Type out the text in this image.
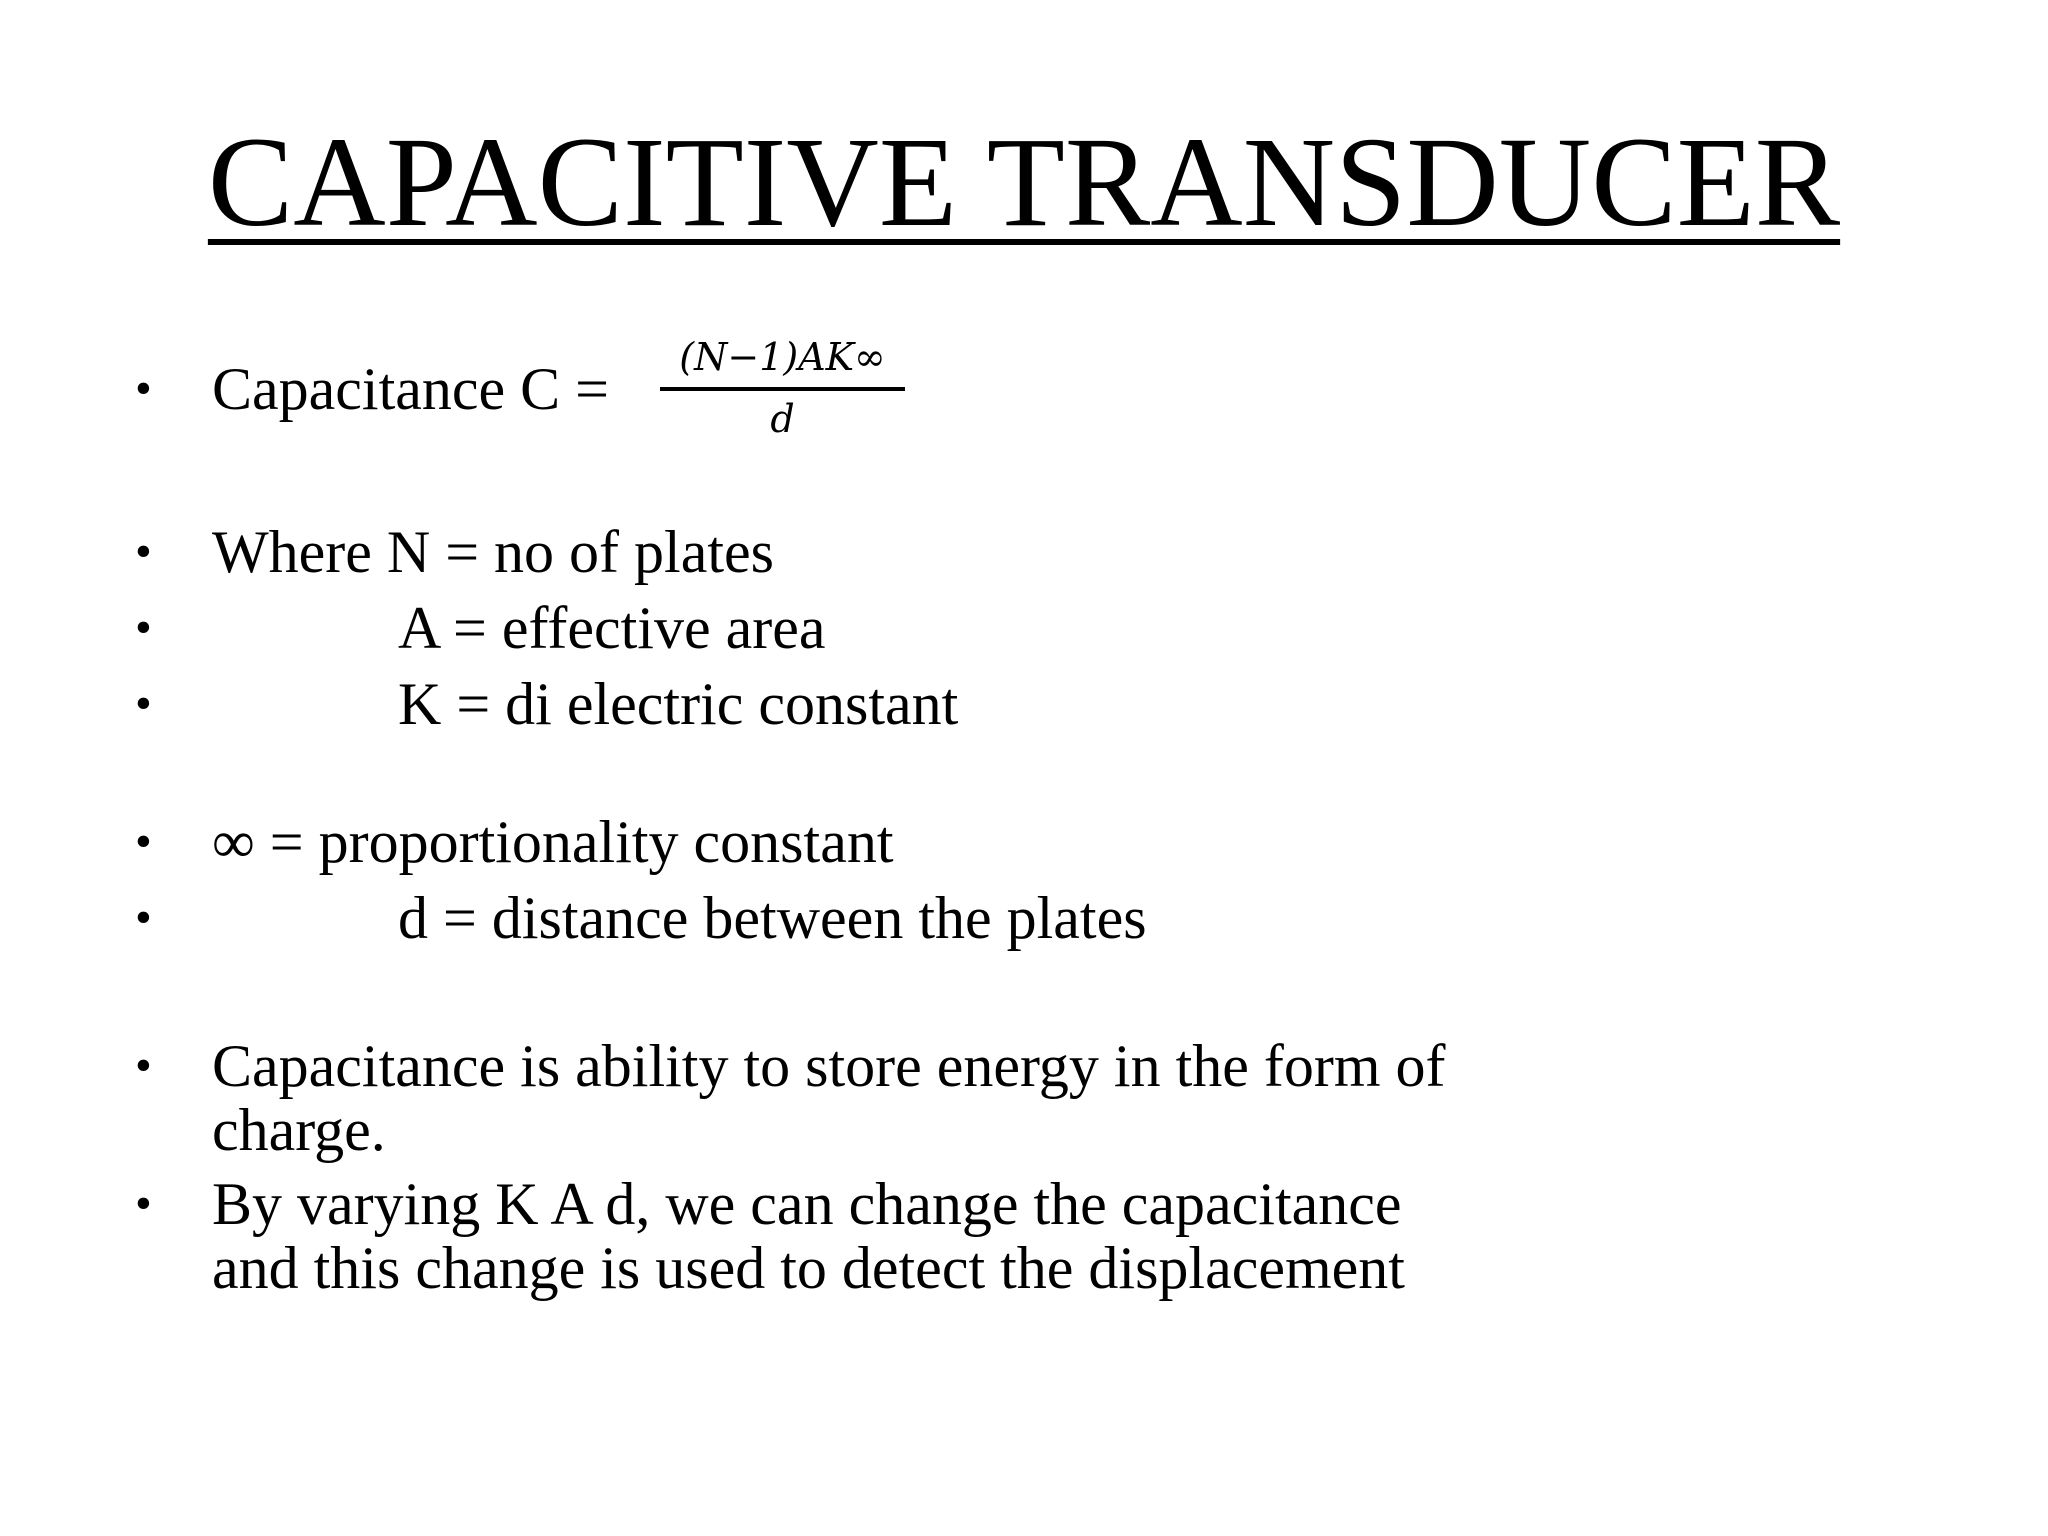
CAPACITIVE TRANSDUCER
• Capacitance C =	(N−1)AK∞
d
• Where N = no of plates
•	A = effective area
•	K = di electric constant
• ∞ = proportionality constant
•	d = distance between the plates
• Capacitance is ability to store energy in the form of charge.
• By varying K A d, we can change the capacitance and this change is used to detect the displacement
